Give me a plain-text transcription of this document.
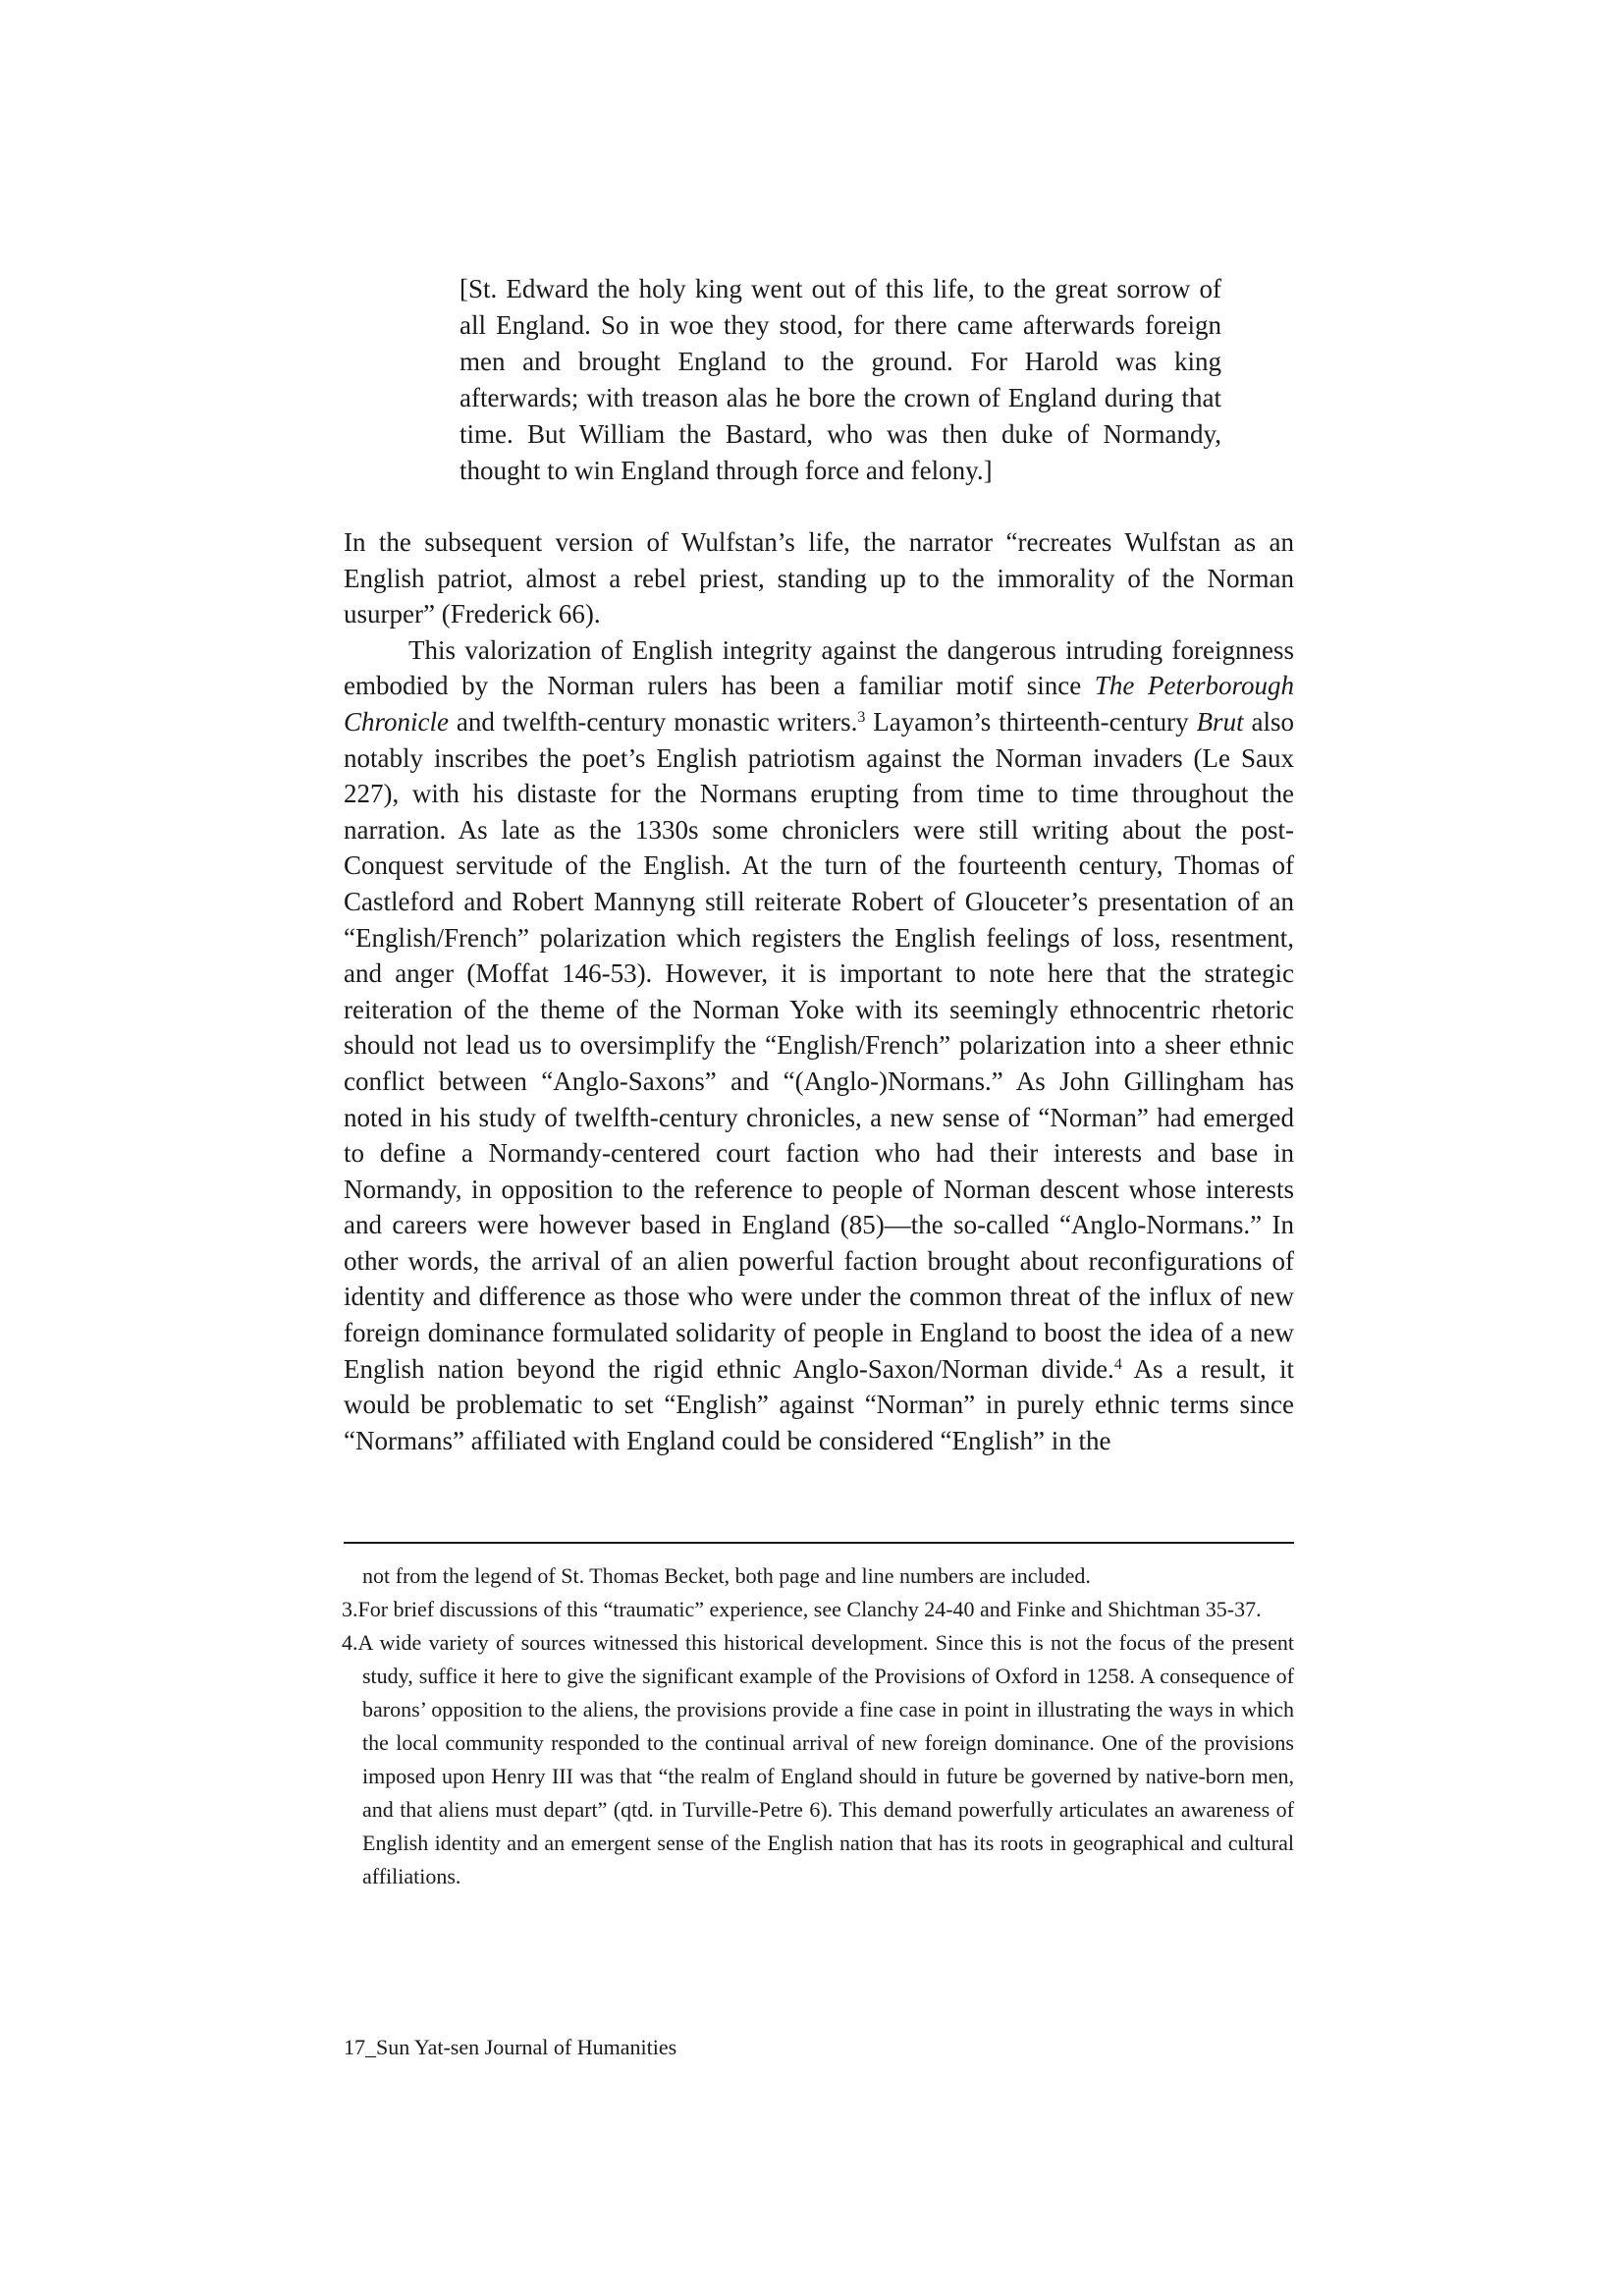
[St. Edward the holy king went out of this life, to the great sorrow of all England. So in woe they stood, for there came afterwards foreign men and brought England to the ground. For Harold was king afterwards; with treason alas he bore the crown of England during that time. But William the Bastard, who was then duke of Normandy, thought to win England through force and felony.]

In the subsequent version of Wulfstan’s life, the narrator “recreates Wulfstan as an English patriot, almost a rebel priest, standing up to the immorality of the Norman usurper” (Frederick 66).

This valorization of English integrity against the dangerous intruding foreignness embodied by the Norman rulers has been a familiar motif since The Peterborough Chronicle and twelfth-century monastic writers.$^3$ Layamon’s thirteenth-century Brut also notably inscribes the poet’s English patriotism against the Norman invaders (Le Saux 227), with his distaste for the Normans erupting from time to time throughout the narration. As late as the 1330s some chroniclers were still writing about the post-Conquest servitude of the English. At the turn of the fourteenth century, Thomas of Castleford and Robert Mannyng still reiterate Robert of Glouceter’s presentation of an “English/French” polarization which registers the English feelings of loss, resentment, and anger (Moffat 146-53). However, it is important to note here that the strategic reiteration of the theme of the Norman Yoke with its seemingly ethnocentric rhetoric should not lead us to oversimplify the “English/French” polarization into a sheer ethnic conflict between “Anglo-Saxons” and “(Anglo-)Normans.” As John Gillingham has noted in his study of twelfth-century chronicles, a new sense of “Norman” had emerged to define a Normandy-centered court faction who had their interests and base in Normandy, in opposition to the reference to people of Norman descent whose interests and careers were however based in England (85)—the so-called “Anglo-Normans.” In other words, the arrival of an alien powerful faction brought about reconfigurations of identity and difference as those who were under the common threat of the influx of new foreign dominance formulated solidarity of people in England to boost the idea of a new English nation beyond the rigid ethnic Anglo-Saxon/Norman divide.$^4$ As a result, it would be problematic to set “English” against “Norman” in purely ethnic terms since “Normans” affiliated with England could be considered “English” in the

not from the legend of St. Thomas Becket, both page and line numbers are included.

3.For brief discussions of this “traumatic” experience, see Clanchy 24-40 and Finke and Shichtman 35-37.

4.A wide variety of sources witnessed this historical development. Since this is not the focus of the present study, suffice it here to give the significant example of the Provisions of Oxford in 1258. A consequence of barons’ opposition to the aliens, the provisions provide a fine case in point in illustrating the ways in which the local community responded to the continual arrival of new foreign dominance. One of the provisions imposed upon Henry III was that “the realm of England should in future be governed by native-born men, and that aliens must depart” (qtd. in Turville-Petre 6). This demand powerfully articulates an awareness of English identity and an emergent sense of the English nation that has its roots in geographical and cultural affiliations.

17_Sun Yat-sen Journal of Humanities
